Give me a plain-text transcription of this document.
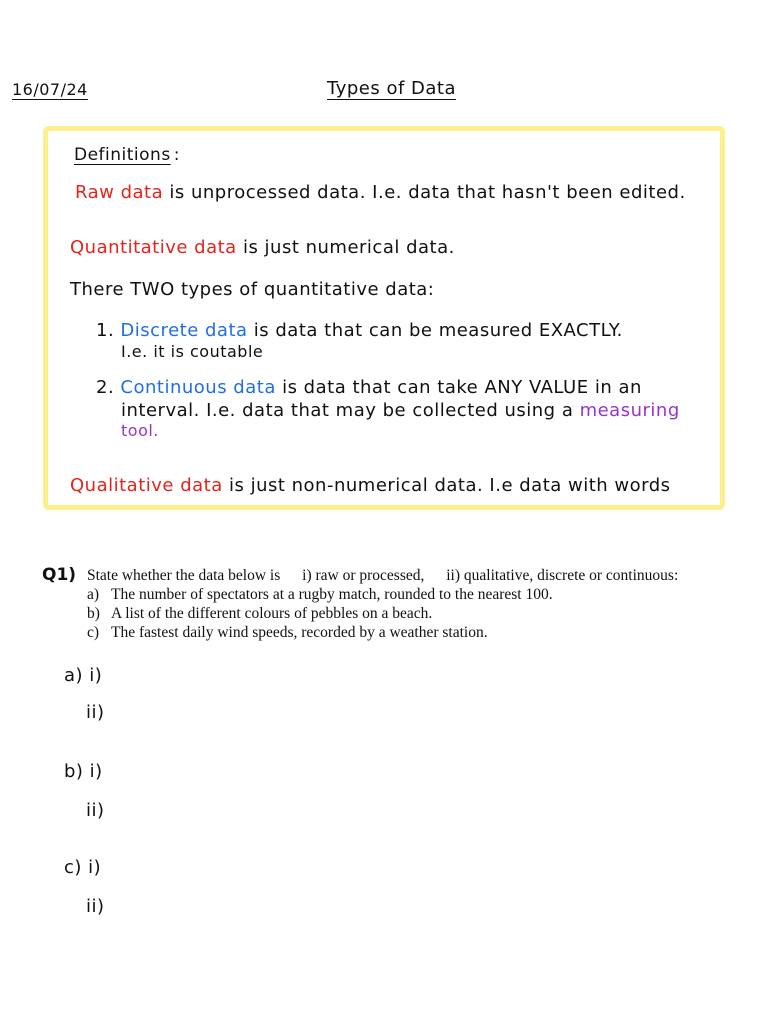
16/07/24	Types of Data
Definitions :
Raw data is unprocessed data. I.e. data that hasn't been edited.
Quantitative data is just numerical data.
There TWO types of quantitative data:
1. Discrete data is data that can be measured EXACTLY.
I.e. it is coutable
2. Continuous data is data that can take ANY VALUE in an
interval. I.e. data that may be collected using a measuring
tool.
Qualitative data is just non-numerical data. I.e data with words
Q1) State whether the data below is i) raw or processed, ii) qualitative, discrete or continuous:
a) The number of spectators at a rugby match, rounded to the nearest 100.
b) A list of the different colours of pebbles on a beach.
c) The fastest daily wind speeds, recorded by a weather station.
a) i)
ii)
b) i)
ii)
c) i)
ii)
